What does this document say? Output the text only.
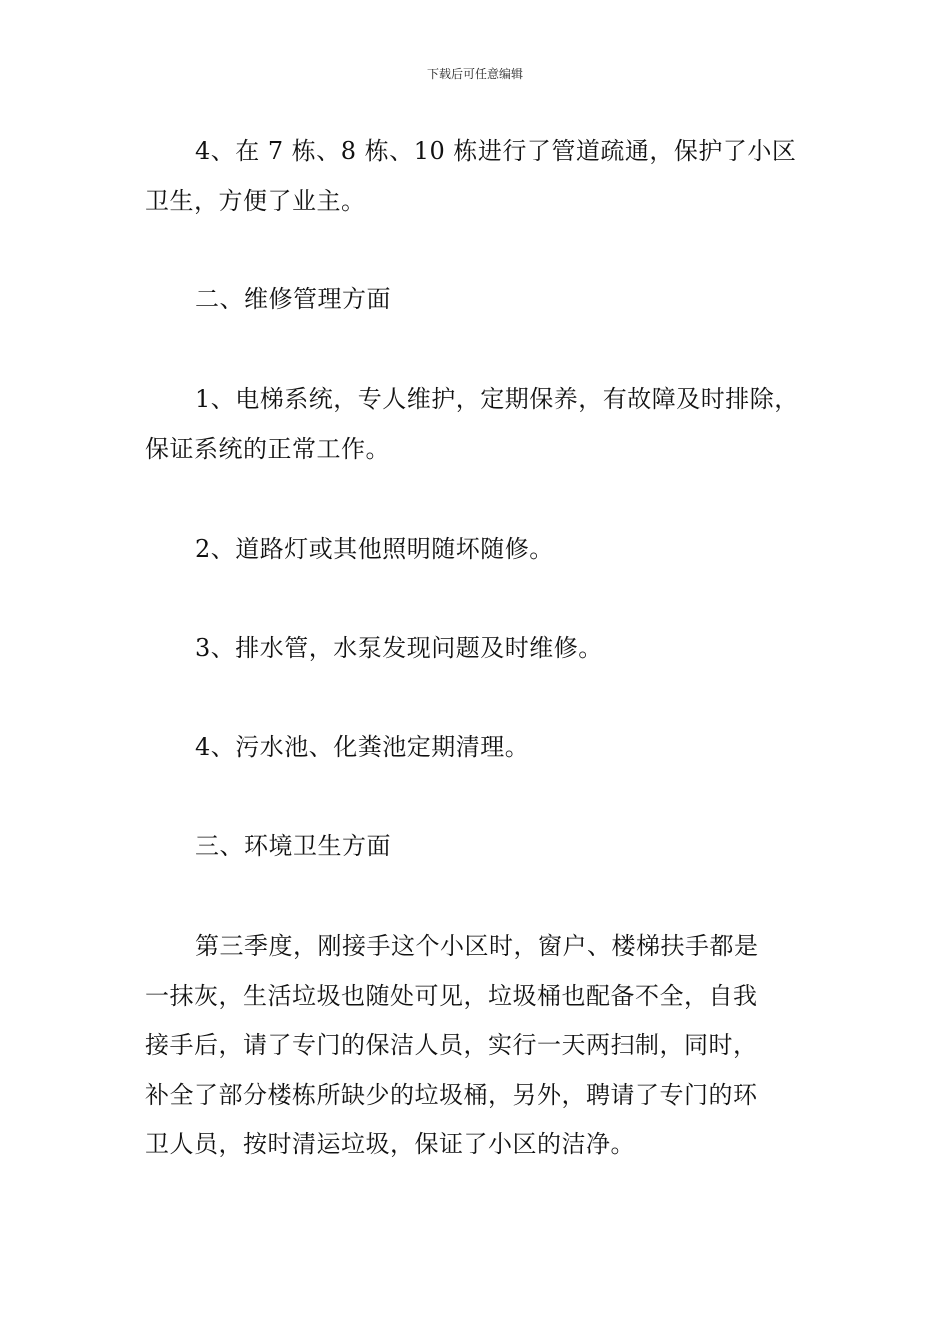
下载后可任意编辑
4、在 7 栋、8 栋、10 栋进行了管道疏通，保护了小区
卫生，方便了业主。
二、维修管理方面
1、电梯系统，专人维护，定期保养，有故障及时排除，
保证系统的正常工作。
2、道路灯或其他照明随坏随修。
3、排水管，水泵发现问题及时维修。
4、污水池、化粪池定期清理。
三、环境卫生方面
第三季度，刚接手这个小区时，窗户、楼梯扶手都是
一抹灰，生活垃圾也随处可见，垃圾桶也配备不全，自我
接手后，请了专门的保洁人员，实行一天两扫制，同时，
补全了部分楼栋所缺少的垃圾桶，另外，聘请了专门的环
卫人员，按时清运垃圾，保证了小区的洁净。
